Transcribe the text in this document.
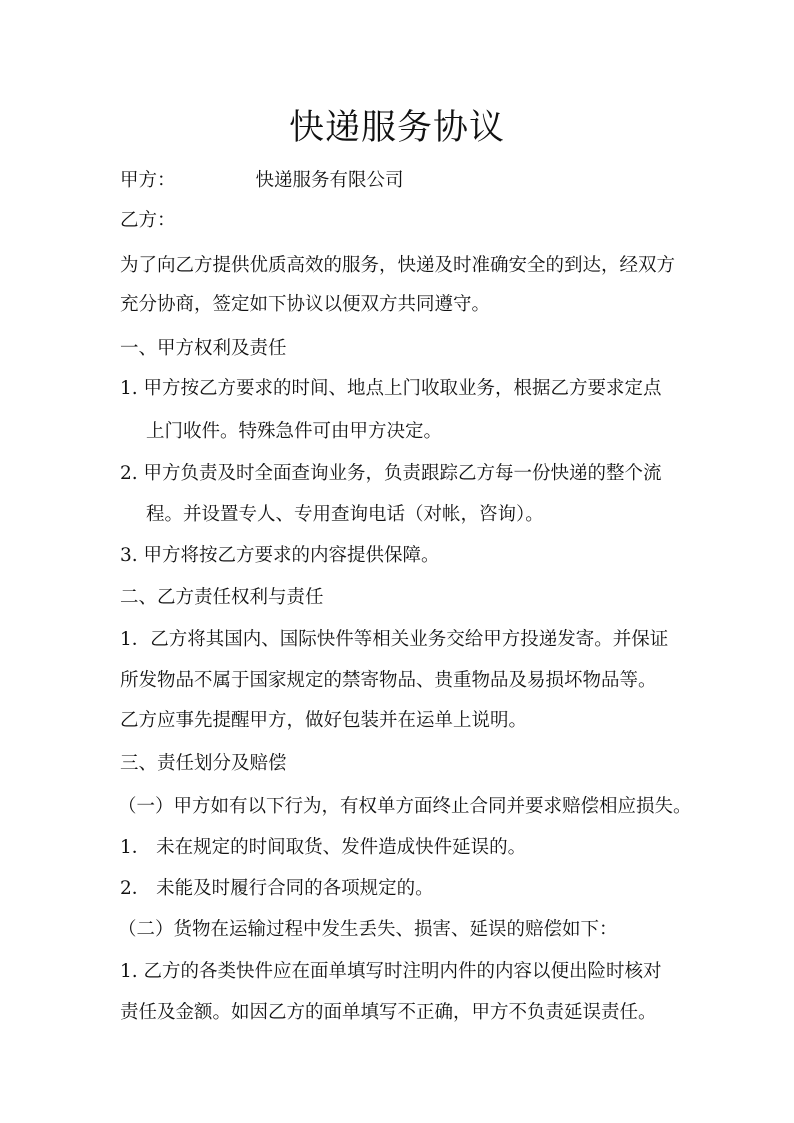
快递服务协议
甲方：	快递服务有限公司
乙方：
为了向乙方提供优质高效的服务，快递及时准确安全的到达，经双方
充分协商，签定如下协议以便双方共同遵守。
一、甲方权利及责任
1. 甲方按乙方要求的时间、地点上门收取业务，根据乙方要求定点
上门收件。特殊急件可由甲方决定。
2. 甲方负责及时全面查询业务，负责跟踪乙方每一份快递的整个流
程。并设置专人、专用查询电话（对帐，咨询）。
3. 甲方将按乙方要求的内容提供保障。
二、乙方责任权利与责任
1．乙方将其国内、国际快件等相关业务交给甲方投递发寄。并保证
所发物品不属于国家规定的禁寄物品、贵重物品及易损坏物品等。
乙方应事先提醒甲方，做好包装并在运单上说明。
三、责任划分及赔偿
（一）甲方如有以下行为，有权单方面终止合同并要求赔偿相应损失。
1． 未在规定的时间取货、发件造成快件延误的。
2． 未能及时履行合同的各项规定的。
（二）货物在运输过程中发生丢失、损害、延误的赔偿如下：
1. 乙方的各类快件应在面单填写时注明内件的内容以便出险时核对
责任及金额。如因乙方的面单填写不正确，甲方不负责延误责任。
